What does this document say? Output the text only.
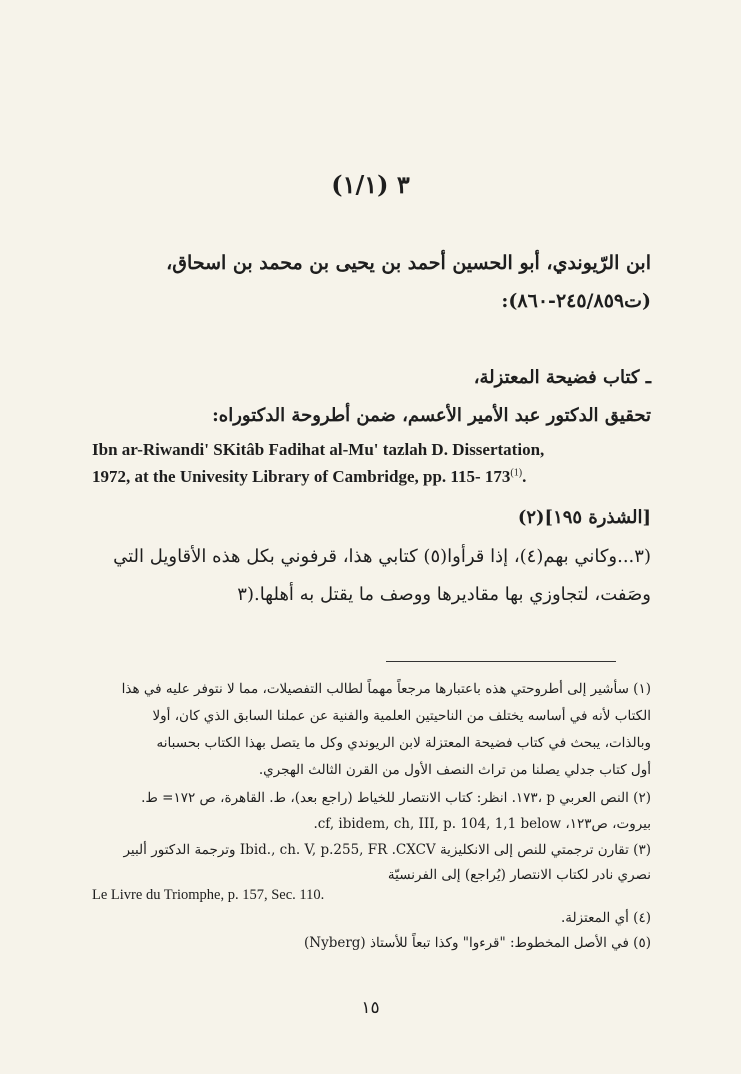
٣ (١/١)
ابن الرّيوندي، أبو الحسين أحمد بن يحيى بن محمد بن اسحاق،
(ت٢٤٥/٨٥٩-٨٦٠):
ـ كتاب فضيحة المعتزلة،
تحقيق الدكتور عبد الأمير الأعسم، ضمن أطروحة الدكتوراه:
Ibn ar-Riwandi' SKitâb Fadihat al-Mu' tazlah D. Dissertation,
1972, at the Univesity Library of Cambridge, pp. 115- 173$^{(1)}$.
[الشذرة ١٩٥](٢)
(٣...وكاني بهم(٤)، إذا قرأوا(٥) كتابي هذا، قرفوني بكل هذه الأقاويل التي
وصَفت، لتجاوزي بها مقاديرها ووصف ما يقتل به أهلها.(٣
(١) سأشير إلى أطروحتي هذه باعتبارها مرجعاً مهماً لطالب التفصيلات، مما لا نتوفر عليه في هذا
الكتاب لأنه في أساسه يختلف من الناحيتين العلمية والفنية عن عملنا السابق الذي كان، أولا
وبالذات، يبحث في كتاب فضيحة المعتزلة لابن الريوندي وكل ما يتصل بهذا الكتاب بحسبانه
أول كتاب جدلي يصلنا من تراث النصف الأول من القرن الثالث الهجري.
(٢) النص العربي p ،١٧٣. انظر: كتاب الانتصار للخياط (راجع بعد)، ط. القاهرة، ص ١٧٢= ط.
بيروت، ص١٢٣، cf, ibidem, ch, III, p. 104, 1,1 below.
(٣) تقارن ترجمتي للنص إلى الانكليزية Ibid., ch. V, p.255, FR .CXCV وترجمة الدكتور ألبير
نصري نادر لكتاب الانتصار (يُراجع) إلى الفرنسيّة
Le Livre du Triomphe, p. 157, Sec. 110.
(٤) أي المعتزلة.
(٥) في الأصل المخطوط: "قرءوا" وكذا تبعاً للأستاذ (Nyberg)
١٥
